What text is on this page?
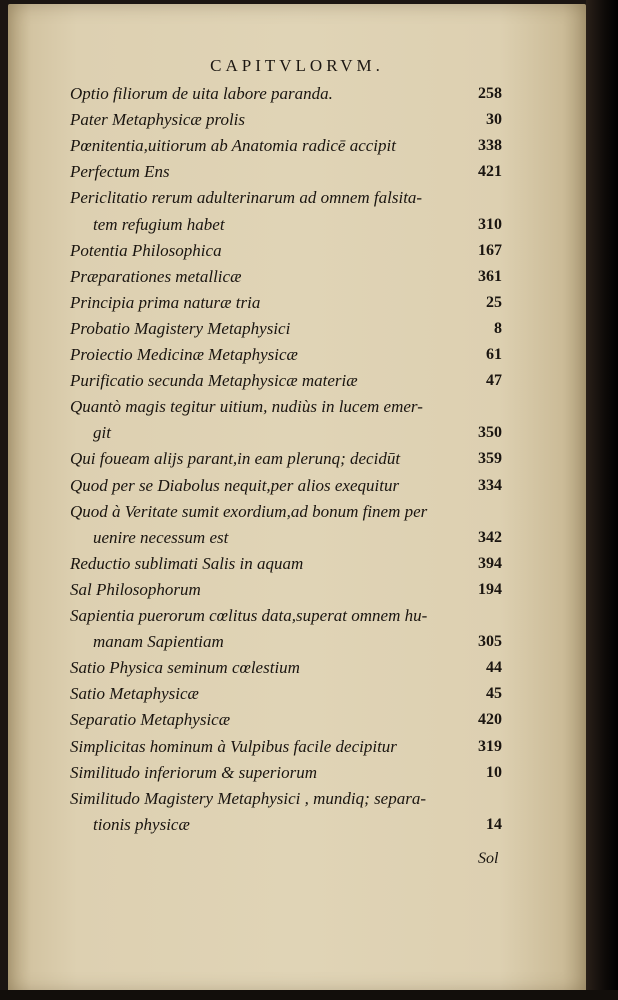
CAPITVLORVM.
Optio filiorum de uita labore paranda.	258
Pater Metaphysicæ prolis	30
Pœnitentia,uitiorum ab Anatomia radicē accipit	338
Perfectum Ens	421
Periclitatio rerum adulterinarum ad omnem falsita-
tem refugium habet	310
Potentia Philosophica	167
Præparationes metallicæ	361
Principia prima naturæ tria	25
Probatio Magistery Metaphysici	8
Proiectio Medicinæ Metaphysicæ	61
Purificatio secunda Metaphysicæ materiæ	47
Quantò magis tegitur uitium, nudiùs in lucem emer-
git	350
Qui foueam alijs parant,in eam plerunq; decidūt	359
Quod per se Diabolus nequit,per alios exequitur	334
Quod à Veritate sumit exordium,ad bonum finem per
uenire necessum est	342
Reductio sublimati Salis in aquam	394
Sal Philosophorum	194
Sapientia puerorum cœlitus data,superat omnem hu-
manam Sapientiam	305
Satio Physica seminum cœlestium	44
Satio Metaphysicæ	45
Separatio Metaphysicæ	420
Simplicitas hominum à Vulpibus facile decipitur	319
Similitudo inferiorum & superiorum	10
Similitudo Magistery Metaphysici , mundiq; separa-
tionis physicæ	14
Sol
